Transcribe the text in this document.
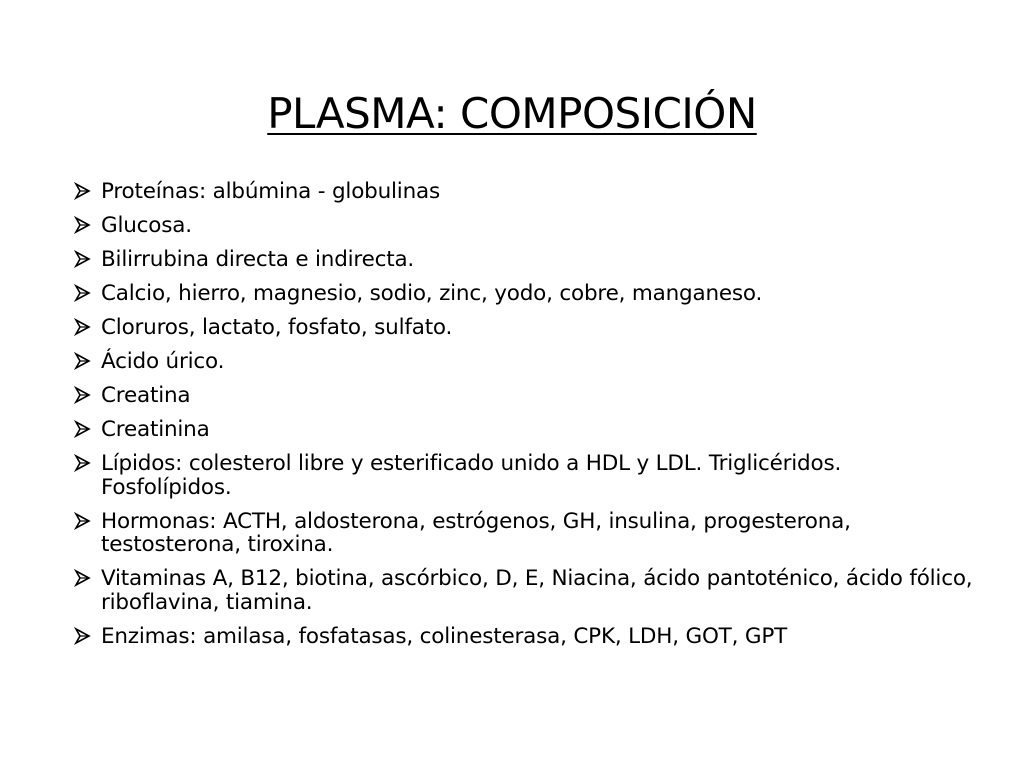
PLASMA: COMPOSICIÓN
Proteínas: albúmina - globulinas
Glucosa.
Bilirrubina directa e indirecta.
Calcio, hierro, magnesio, sodio, zinc, yodo, cobre, manganeso.
Cloruros, lactato, fosfato, sulfato.
Ácido úrico.
Creatina
Creatinina
Lípidos: colesterol libre y esterificado unido a HDL y LDL. Triglicéridos. Fosfolípidos.
Hormonas: ACTH, aldosterona, estrógenos, GH, insulina, progesterona, testosterona, tiroxina.
Vitaminas A, B12, biotina, ascórbico, D, E, Niacina, ácido pantoténico, ácido fólico, riboflavina, tiamina.
Enzimas: amilasa, fosfatasas, colinesterasa, CPK, LDH, GOT, GPT
